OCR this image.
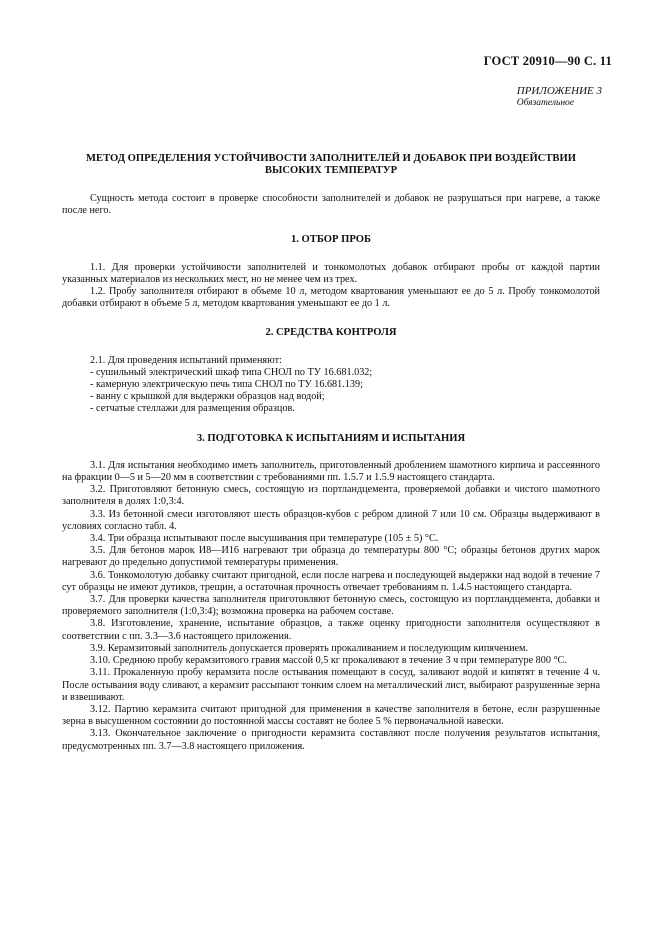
ГОСТ 20910—90 С. 11
ПРИЛОЖЕНИЕ 3
Обязательное
МЕТОД ОПРЕДЕЛЕНИЯ УСТОЙЧИВОСТИ ЗАПОЛНИТЕЛЕЙ И ДОБАВОК ПРИ ВОЗДЕЙСТВИИ ВЫСОКИХ ТЕМПЕРАТУР

Сущность метода состоит в проверке способности заполнителей и добавок не разрушаться при нагреве, а также после него.

1. ОТБОР ПРОБ

1.1. Для проверки устойчивости заполнителей и тонкомолотых добавок отбирают пробы от каждой партии указанных материалов из нескольких мест, но не менее чем из трех.

1.2. Пробу заполнителя отбирают в объеме 10 л, методом квартования уменьшают ее до 5 л. Пробу тонкомолотой добавки отбирают в объеме 5 л, методом квартования уменьшают ее до 1 л.

2. СРЕДСТВА КОНТРОЛЯ

2.1. Для проведения испытаний применяют:

- сушильный электрический шкаф типа СНОЛ по ТУ 16.681.032;

- камерную электрическую печь типа СНОЛ по ТУ 16.681.139;

- ванну с крышкой для выдержки образцов над водой;

- сетчатые стеллажи для размещения образцов.

3. ПОДГОТОВКА К ИСПЫТАНИЯМ И ИСПЫТАНИЯ

3.1. Для испытания необходимо иметь заполнитель, приготовленный дроблением шамотного кирпича и рассеянного на фракции 0—5 и 5—20 мм в соответствии с требованиями пп. 1.5.7 и 1.5.9 настоящего стандарта.

3.2. Приготовляют бетонную смесь, состоящую из портландцемента, проверяемой добавки и чистого шамотного заполнителя в долях 1:0,3:4.

3.3. Из бетонной смеси изготовляют шесть образцов-кубов с ребром длиной 7 или 10 см. Образцы выдерживают в условиях согласно табл. 4.

3.4. Три образца испытывают после высушивания при температуре (105 ± 5) °С.

3.5. Для бетонов марок И8—И16 нагревают три образца до температуры 800 °С; образцы бетонов других марок нагревают до предельно допустимой температуры применения.

3.6. Тонкомолотую добавку считают пригодной, если после нагрева и последующей выдержки над водой в течение 7 сут образцы не имеют дутиков, трещин, а остаточная прочность отвечает требованиям п. 1.4.5 настоящего стандарта.

3.7. Для проверки качества заполнителя приготовляют бетонную смесь, состоящую из портландцемента, добавки и проверяемого заполнителя (1:0,3:4); возможна проверка на рабочем составе.

3.8. Изготовление, хранение, испытание образцов, а также оценку пригодности заполнителя осуществляют в соответствии с пп. 3.3—3.6 настоящего приложения.

3.9. Керамзитовый заполнитель допускается проверять прокаливанием и последующим кипячением.

3.10. Среднюю пробу керамзитового гравия массой 0,5 кг прокаливают в течение 3 ч при температуре 800 °С.

3.11. Прокаленную пробу керамзита после остывания помещают в сосуд, заливают водой и кипятят в течение 4 ч. После остывания воду сливают, а керамзит рассыпают тонким слоем на металлический лист, выбирают разрушенные зерна и взвешивают.

3.12. Партию керамзита считают пригодной для применения в качестве заполнителя в бетоне, если разрушенные зерна в высушенном состоянии до постоянной массы составят не более 5 % первоначальной навески.

3.13. Окончательное заключение о пригодности керамзита составляют после получения результатов испытания, предусмотренных пп. 3.7—3.8 настоящего приложения.
